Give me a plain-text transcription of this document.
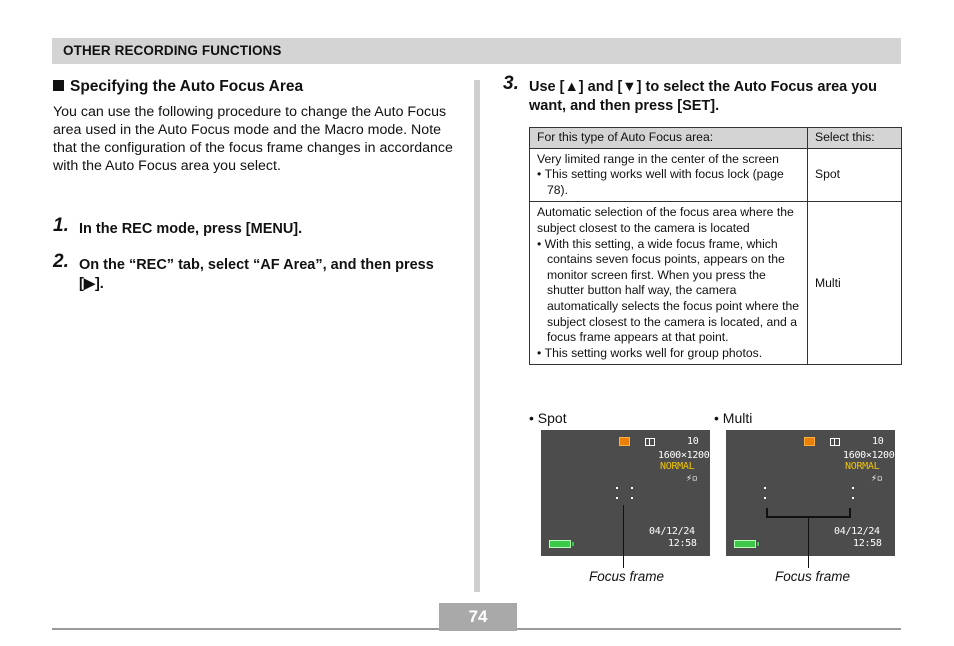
OTHER RECORDING FUNCTIONS
Specifying the Auto Focus Area
You can use the following procedure to change the Auto Focus area used in the Auto Focus mode and the Macro mode. Note that the configuration of the focus frame changes in accordance with the Auto Focus area you select.
1. In the REC mode, press [MENU].
2. On the “REC” tab, select “AF Area”, and then press [▶].
3. Use [▲] and [▼] to select the Auto Focus area you want, and then press [SET].
For this type of Auto Focus area:	Select this:
Very limited range in the center of the screen
• This setting works well with focus lock (page 78).	Spot
Automatic selection of the focus area where the subject closest to the camera is located
• With this setting, a wide focus frame, which contains seven focus points, appears on the monitor screen first. When you press the shutter button half way, the camera automatically selects the focus point where the subject closest to the camera is located, and a focus frame appears at that point.
• This setting works well for group photos.	Multi
• Spot
10
1600×1200
NORMAL
⚡▫
04/12/24
12:58
Focus frame
• Multi
10
1600×1200
NORMAL
⚡▫
04/12/24
12:58
Focus frame
74
